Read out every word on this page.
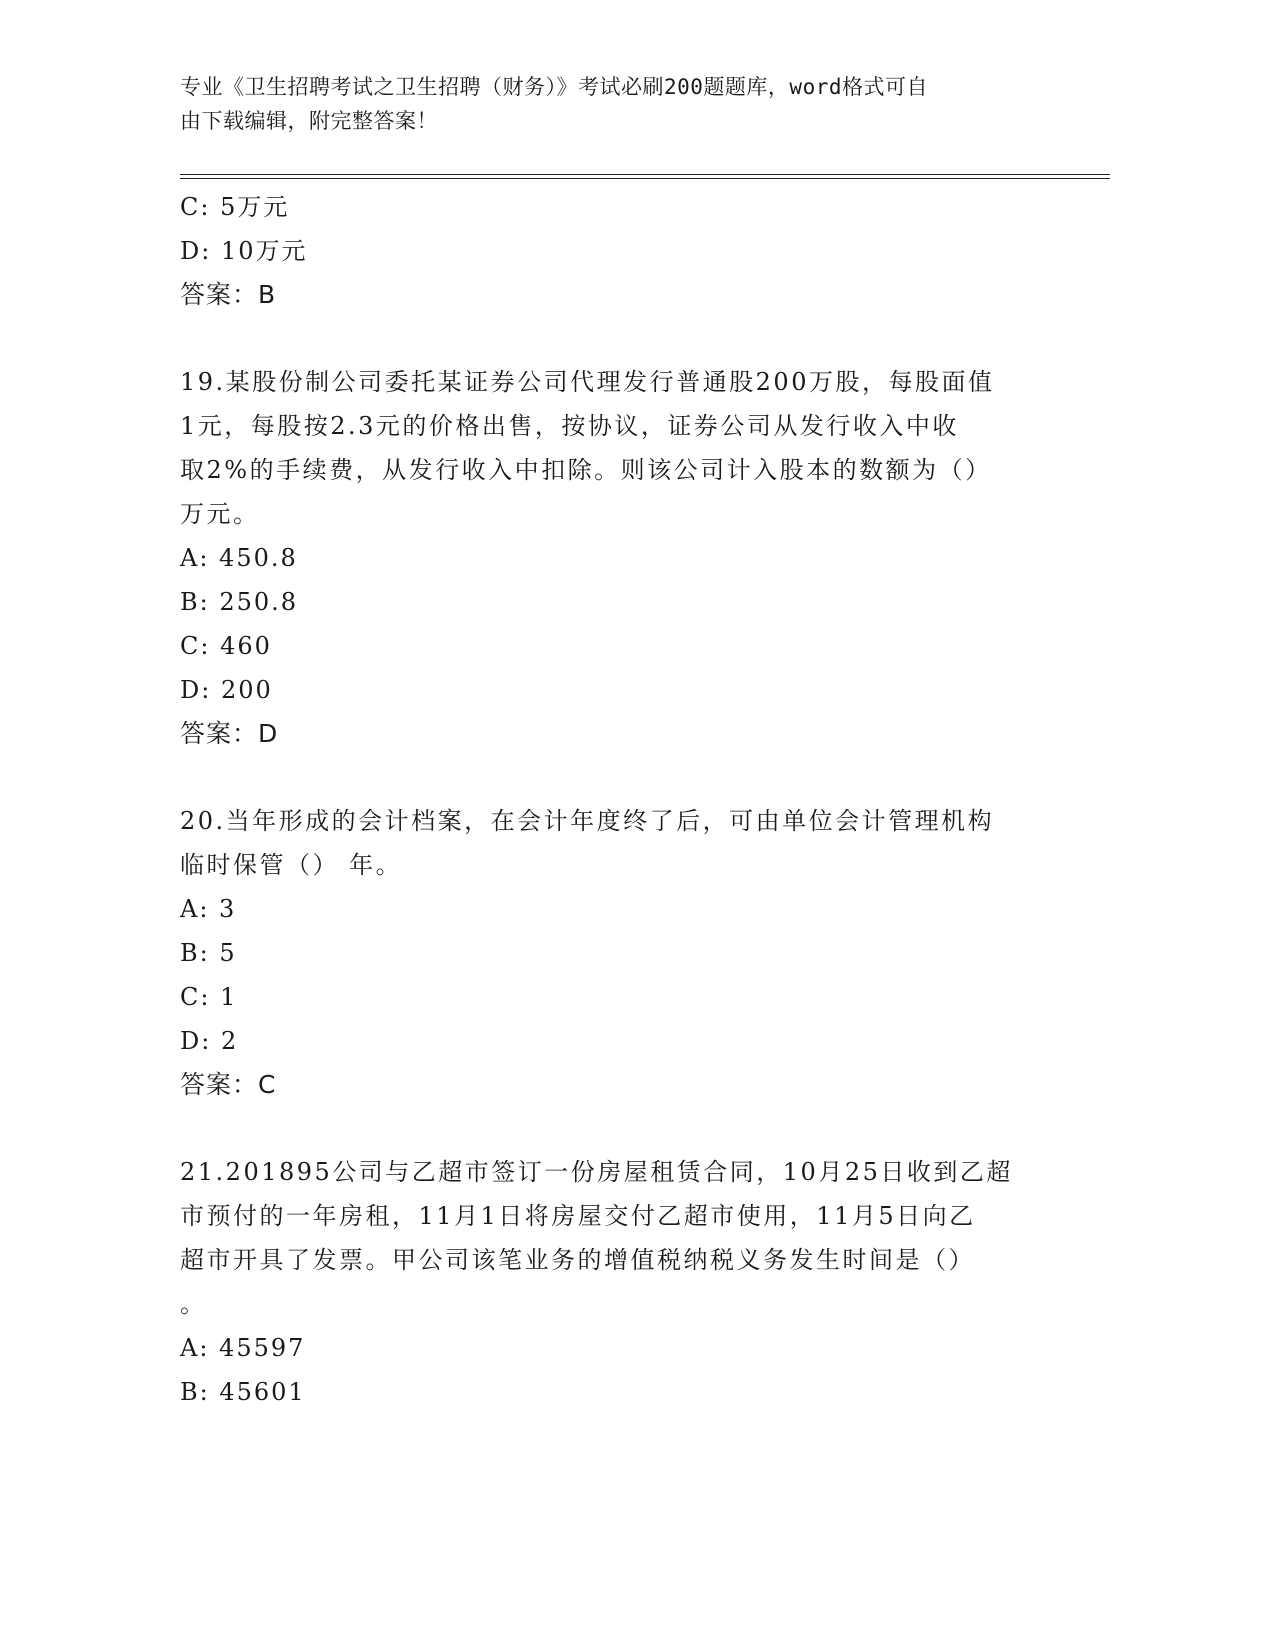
专业《卫生招聘考试之卫生招聘（财务）》考试必刷200题题库，word格式可自
由下载编辑，附完整答案！
C: 5万元
D: 10万元
答案：B
19.某股份制公司委托某证券公司代理发行普通股200万股，每股面值
1元，每股按2.3元的价格出售，按协议，证券公司从发行收入中收
取2%的手续费，从发行收入中扣除。则该公司计入股本的数额为（）
万元。
A: 450.8
B: 250.8
C: 460
D: 200
答案：D
20.当年形成的会计档案，在会计年度终了后，可由单位会计管理机构
临时保管（） 年。
A: 3
B: 5
C: 1
D: 2
答案：C
21.201895公司与乙超市签订一份房屋租赁合同，10月25日收到乙超
市预付的一年房租，11月1日将房屋交付乙超市使用，11月5日向乙
超市开具了发票。甲公司该笔业务的增值税纳税义务发生时间是（）
。
A: 45597
B: 45601
